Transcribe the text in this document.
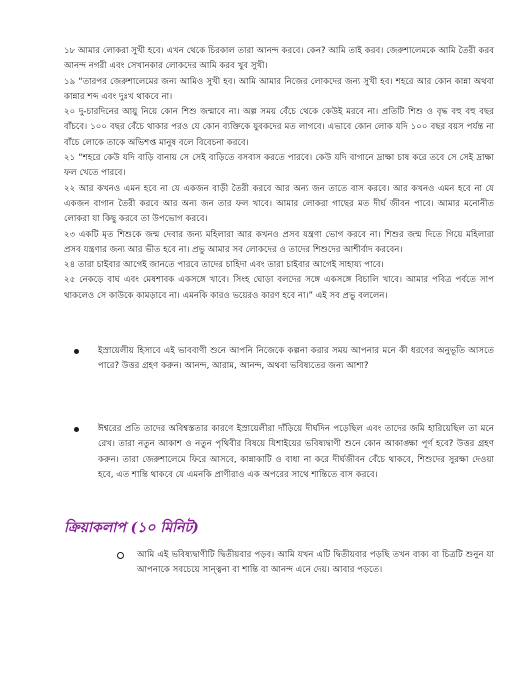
১৮ আমার লোকরা সুখী হবে। এখন থেকে চিরকাল তারা আনন্দ করবে। কেন? আমি তাই করব। জেরুশালেমকে আমি তৈরী করব আনন্দ নগরী এবং সেখানকার লোকদের আমি করব খুব সুখী।

১৯ “তারপর জেরুশালেমের জন্য আমিও সুখী হব। আমি আমার নিজের লোকদের জন্য সুখী হব। শহরে আর কোন কান্না অথবা কান্নার শব্দ এবং দুঃখ থাকবে না।

২০ দু-চারদিনের আয়ু নিয়ে কোন শিশু জন্মাবে না। অল্প সময় বেঁচে থেকে কেউই মরবে না। প্রতিটি শিশু ও বৃদ্ধ বহু বহু বছর বাঁচবে। ১০০ বছর বেঁচে থাকার পরও যে কোন ব্যক্তিকে যুবকদের মত লাগবে। এভাবে কোন লোক যদি ১০০ বছর বয়স পর্যন্ত না বাঁচে লোকে তাকে অভিশপ্ত মানুষ বলে বিবেচনা করবে।

২১ “শহরে কেউ যদি বাড়ি বানায় সে সেই বাড়িতে বসবাস করতে পারবে। কেউ যদি বাগানে দ্রাক্ষা চাষ করে তবে সে সেই দ্রাক্ষা ফল খেতে পারবে।

২২ আর কখনও এমন হবে না যে একজন বাড়ী তৈরী করবে আর অন্য জন তাতে বাস করবে। আর কখনও এমন হবে না যে একজন বাগান তৈরী করবে আর অন্য জন তার ফল খাবে। আমার লোকরা গাছের মত দীর্ঘ জীবন পাবে। আমার মনোনীত লোকরা যা কিছু করবে তা উপভোগ করবে।

২৩ একটি মৃত শিশুকে জন্ম দেবার জন্য মহিলারা আর কখনও প্রসব যন্ত্রণা ভোগ করবে না। শিশুর জন্ম দিতে গিয়ে মহিলারা প্রসব যন্ত্রণার জন্য আর ভীত হবে না। প্রভু আমার সব লোকদের ও তাদের শিশুদের আশীর্বাদ করবেন।

২৪ তারা চাইবার আগেই জানতে পারবে তাদের চাহিদা এবং তারা চাইবার আগেই সাহায্য পাবে।

২৫ নেকড়ে বাঘ এবং মেষশাবক একসঙ্গে খাবে। সিংহ ঘোড়া বলদের সঙ্গে একসঙ্গে বিচালি খাবে। আমার পবিত্র পর্বতে সাপ থাকলেও সে কাউকে কামড়াবে না। এমনকি কারও ভয়েরও কারণ হবে না।” এই সব প্রভু বললেন।

ইস্রায়েলীয় হিসাবে এই ভাববাণী শুনে আপনি নিজেকে কল্পনা করার সময় আপনার মনে কী ধরণের অনুভূতি আসতে পারে? উত্তর গ্রহণ করুন। আনন্দ, আরাম, আনন্দ, অথবা ভবিষ্যতের জন্য আশা?

ঈশ্বরের প্রতি তাদের অবিশ্বস্ততার কারণে ইস্রায়েলীরা দাঁড়িয়ে দীর্ঘদিন পড়েছিল এবং তাদের জমি হারিয়েছিল তা মনে রেখ। তারা নতুন আকাশ ও নতুন পৃথিবীর বিষয়ে যিশাইয়ের ভবিষ্যদ্বাণী শুনে কোন আকাঙ্ক্ষা পূর্ণ হবে? উত্তর গ্রহণ করুন। তারা জেরুশালেমে ফিরে আসবে, কান্নাকাটি ও বাধা না করে দীর্ঘজীবন বেঁচে থাকবে, শিশুদের সুরক্ষা দেওয়া হবে, এত শান্তি থাকবে যে এমনকি প্রাণীরাও এক অপরের সাথে শান্তিতে বাস করবে।

ক্রিয়াকলাপ (১০ মিনিট)

আমি এই ভবিষ্যদ্বাণীটি দ্বিতীয়বার পড়ব। আমি যখন এটি দ্বিতীয়বার পড়ছি তখন বাক্য বা চিত্রটি শুনুন যা আপনাকে সবচেয়ে সান্ত্বনা বা শান্তি বা আনন্দ এনে দেয়। আবার পড়তে।
